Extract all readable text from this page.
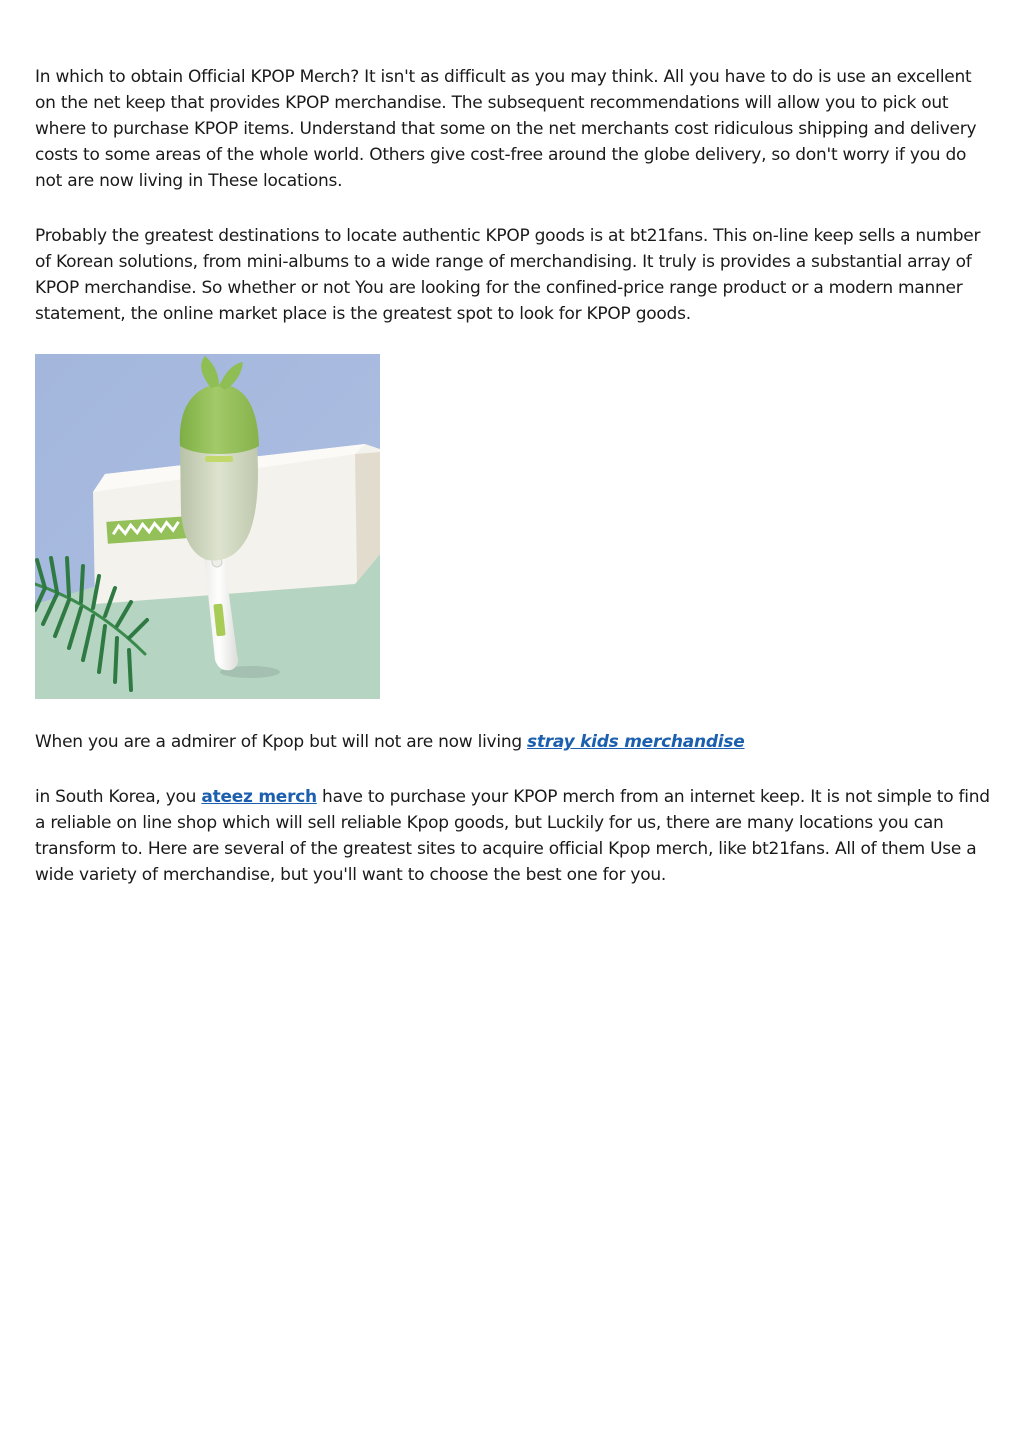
In which to obtain Official KPOP Merch? It isn't as difficult as you may think. All you have to do is use an excellent on the net keep that provides KPOP merchandise. The subsequent recommendations will allow you to pick out where to purchase KPOP items. Understand that some on the net merchants cost ridiculous shipping and delivery costs to some areas of the whole world. Others give cost-free around the globe delivery, so don't worry if you do not are now living in These locations.

Probably the greatest destinations to locate authentic KPOP goods is at bt21fans. This on-line keep sells a number of Korean solutions, from mini-albums to a wide range of merchandising. It truly is provides a substantial array of KPOP merchandise. So whether or not You are looking for the confined-price range product or a modern manner statement, the online market place is the greatest spot to look for KPOP goods.

When you are a admirer of Kpop but will not are now living stray kids merchandise

in South Korea, you ateez merch have to purchase your KPOP merch from an internet keep. It is not simple to find a reliable on line shop which will sell reliable Kpop goods, but Luckily for us, there are many locations you can transform to. Here are several of the greatest sites to acquire official Kpop merch, like bt21fans. All of them Use a wide variety of merchandise, but you'll want to choose the best one for you.
